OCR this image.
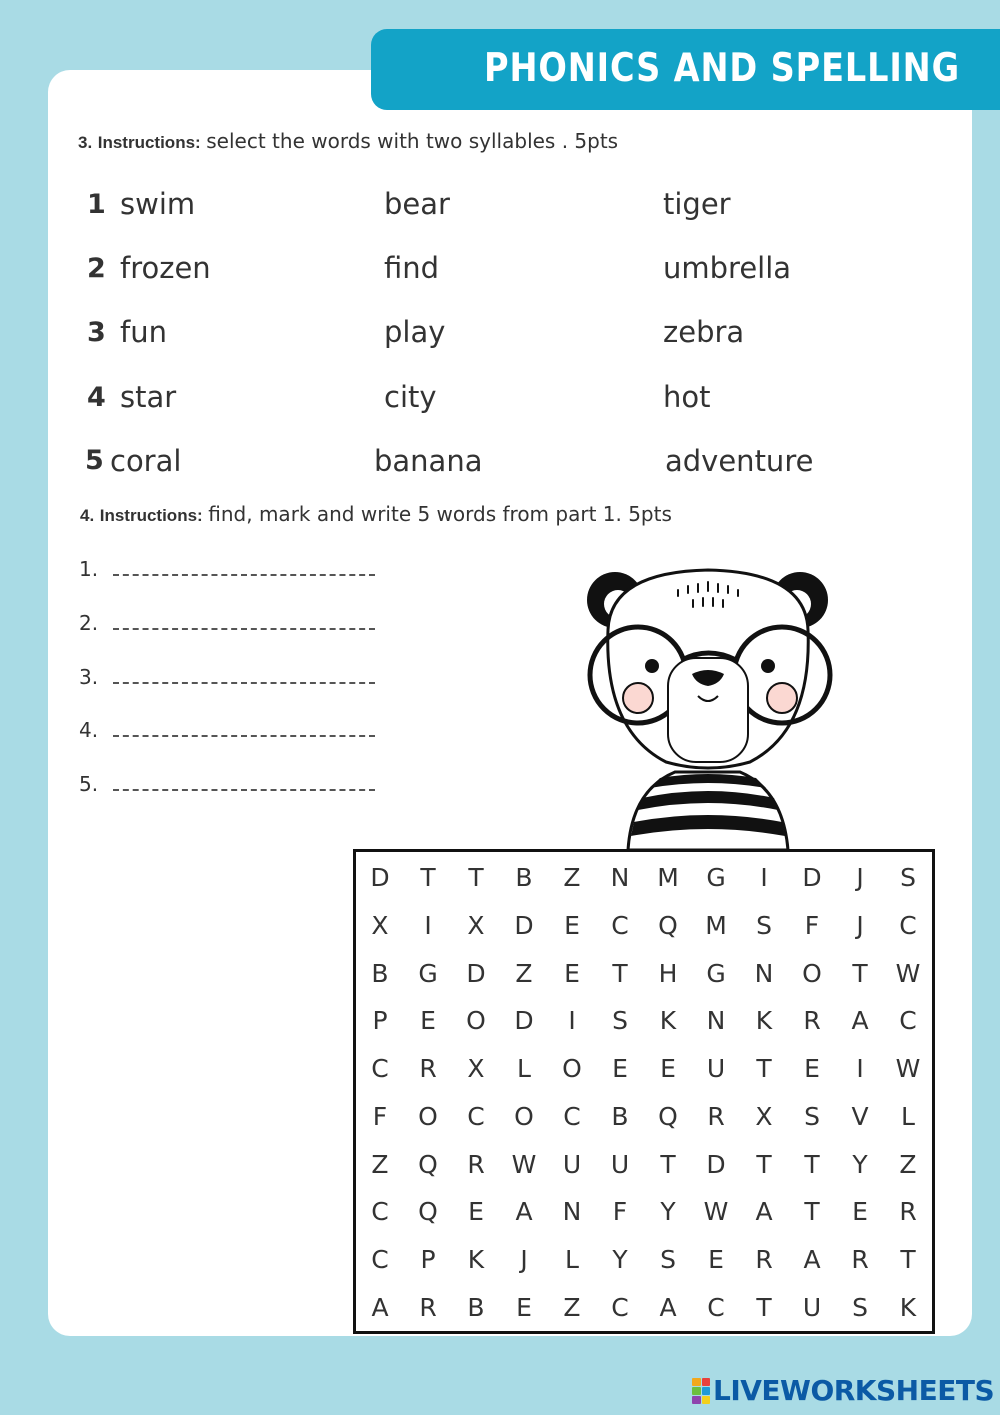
PHONICS AND SPELLING
3. Instructions: select the words with two syllables . 5pts
1 swim	bear	tiger
2 frozen	find	umbrella
3 fun	play	zebra
4 star	city	hot
5 coral	banana	adventure
4. Instructions: find, mark and write 5 words from part 1. 5pts
1.
2.
3.
4.
5.
D	T	T	B	Z	N	M	G	I	D	J	S
X	I	X	D	E	C	Q	M	S	F	J	C
B	G	D	Z	E	T	H	G	N	O	T	W
P	E	O	D	I	S	K	N	K	R	A	C
C	R	X	L	O	E	E	U	T	E	I	W
F	O	C	O	C	B	Q	R	X	S	V	L
Z	Q	R	W	U	U	T	D	T	T	Y	Z
C	Q	E	A	N	F	Y	W	A	T	E	R
C	P	K	J	L	Y	S	E	R	A	R	T
A	R	B	E	Z	C	A	C	T	U	S	K
LIVEWORKSHEETS
